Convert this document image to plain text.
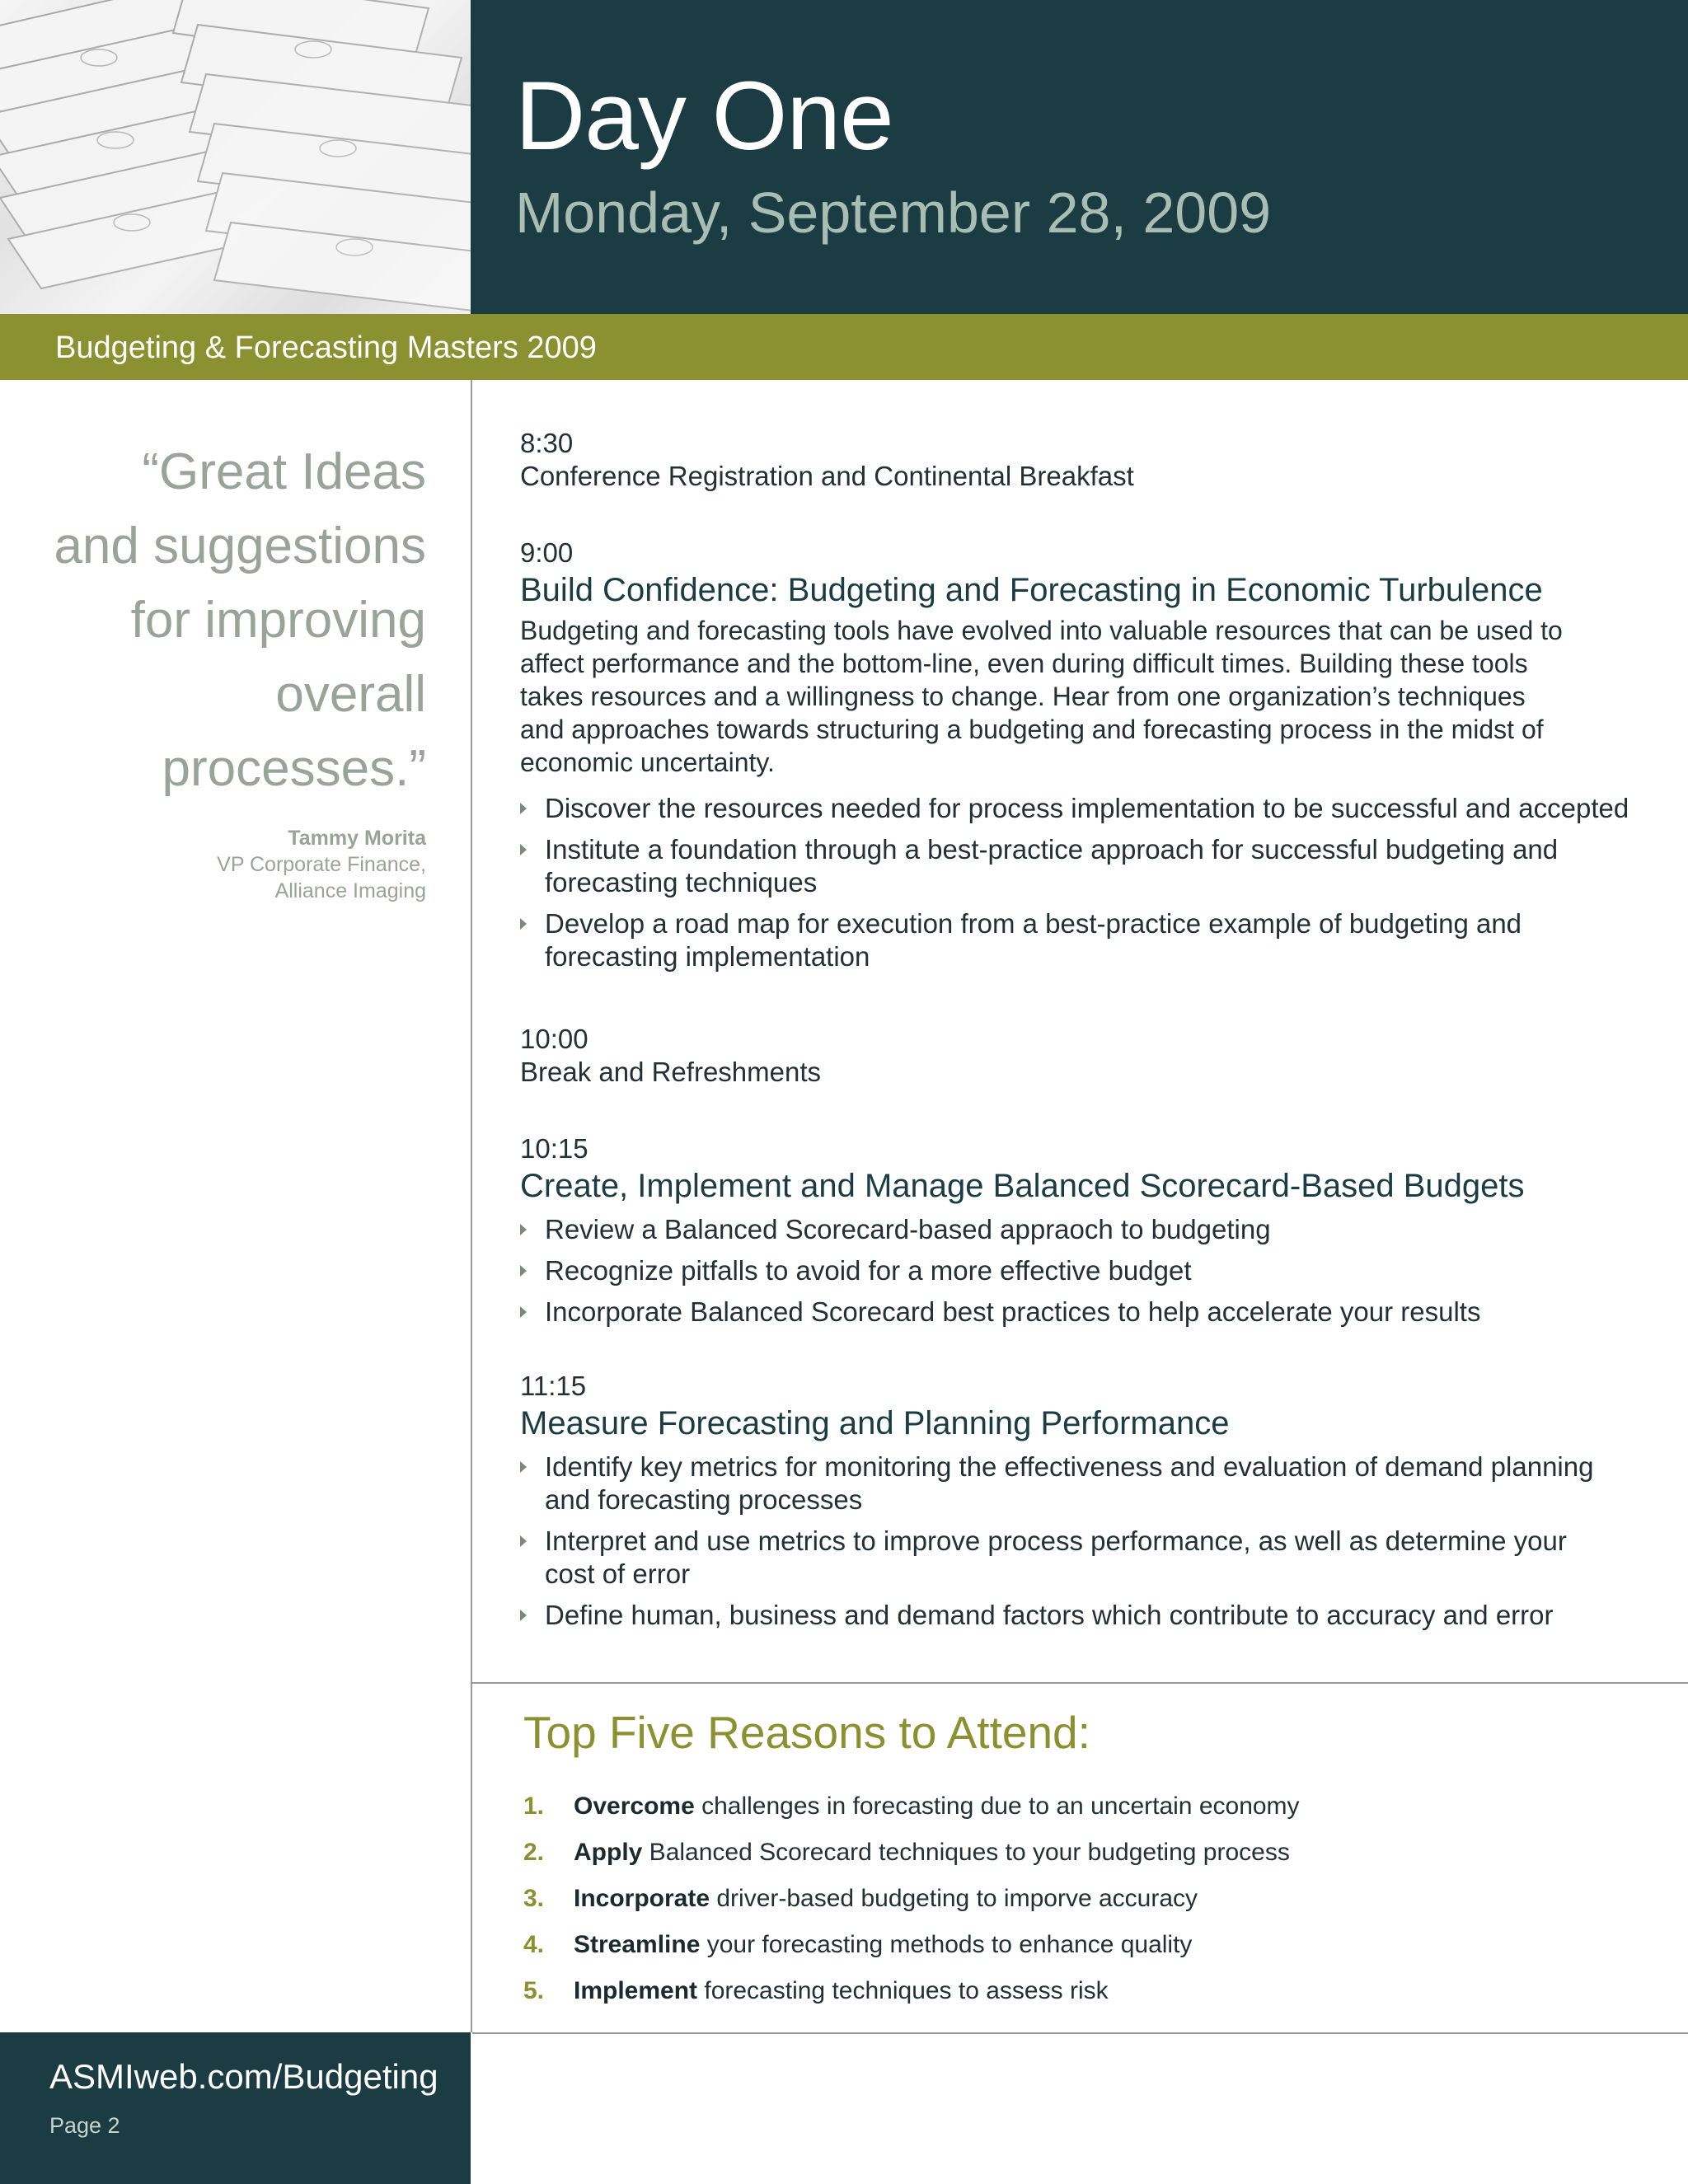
Day One
Monday, September 28, 2009
Budgeting & Forecasting Masters 2009
“Great Ideas
and suggestions
for improving
overall
processes.”
Tammy Morita
VP Corporate Finance,
Alliance Imaging
8:30
Conference Registration and Continental Breakfast
9:00
Build Confidence: Budgeting and Forecasting in Economic Turbulence
Budgeting and forecasting tools have evolved into valuable resources that can be used to
affect performance and the bottom-line, even during difficult times. Building these tools
takes resources and a willingness to change. Hear from one organization’s techniques
and approaches towards structuring a budgeting and forecasting process in the midst of
economic uncertainty.
Discover the resources needed for process implementation to be successful and accepted
Institute a foundation through a best-practice approach for successful budgeting and
forecasting techniques
Develop a road map for execution from a best-practice example of budgeting and
forecasting implementation
10:00
Break and Refreshments
10:15
Create, Implement and Manage Balanced Scorecard-Based Budgets
Review a Balanced Scorecard-based appraoch to budgeting
Recognize pitfalls to avoid for a more effective budget
Incorporate Balanced Scorecard best practices to help accelerate your results
11:15
Measure Forecasting and Planning Performance
Identify key metrics for monitoring the effectiveness and evaluation of demand planning
and forecasting processes
Interpret and use metrics to improve process performance, as well as determine your
cost of error
Define human, business and demand factors which contribute to accuracy and error
Top Five Reasons to Attend:
1. Overcome challenges in forecasting due to an uncertain economy
2. Apply Balanced Scorecard techniques to your budgeting process
3. Incorporate driver-based budgeting to imporve accuracy
4. Streamline your forecasting methods to enhance quality
5. Implement forecasting techniques to assess risk
ASMIweb.com/Budgeting
Page 2
